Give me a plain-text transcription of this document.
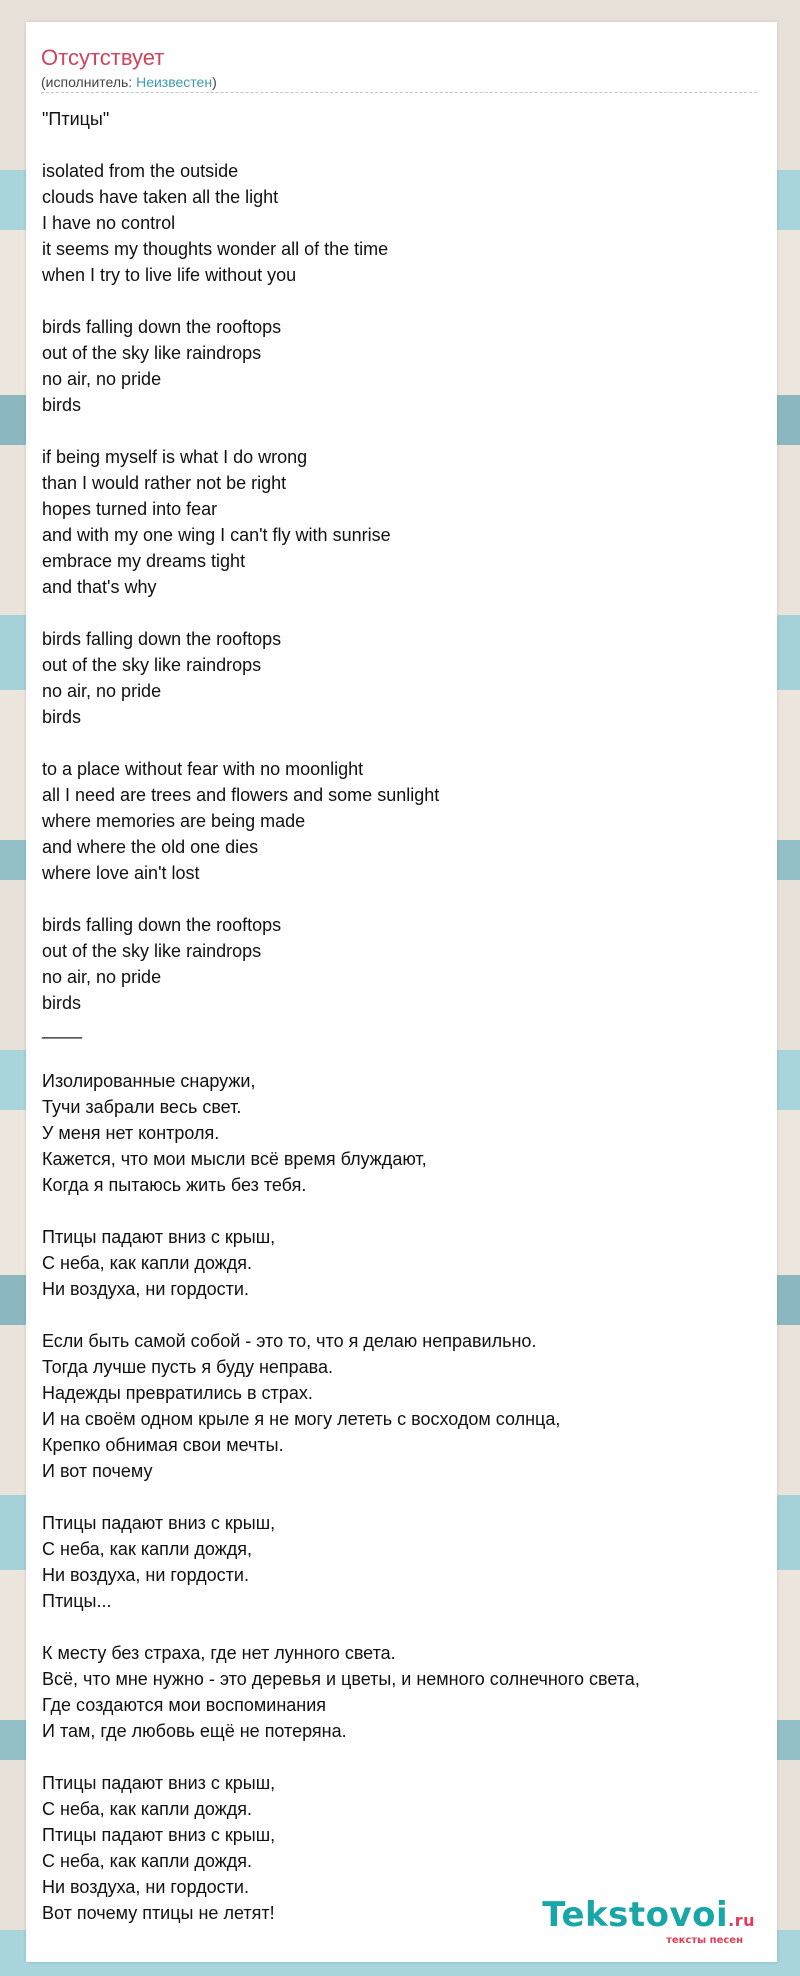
Отсутствует
(исполнитель: Неизвестен)
"Птицы"
isolated from the outside
clouds have taken all the light
I have no control
it seems my thoughts wonder all of the time
when I try to live life without you
birds falling down the rooftops
out of the sky like raindrops
no air, no pride
birds
if being myself is what I do wrong
than I would rather not be right
hopes turned into fear
and with my one wing I can't fly with sunrise
embrace my dreams tight
and that's why
birds falling down the rooftops
out of the sky like raindrops
no air, no pride
birds
to a place without fear with no moonlight
all I need are trees and flowers and some sunlight
where memories are being made
and where the old one dies
where love ain't lost
birds falling down the rooftops
out of the sky like raindrops
no air, no pride
birds
____
Изолированные снаружи,
Тучи забрали весь свет.
У меня нет контроля.
Кажется, что мои мысли всё время блуждают,
Когда я пытаюсь жить без тебя.
Птицы падают вниз с крыш,
С неба, как капли дождя.
Ни воздуха, ни гордости.
Если быть самой собой - это то, что я делаю неправильно.
Тогда лучше пусть я буду неправа.
Надежды превратились в страх.
И на своём одном крыле я не могу лететь с восходом солнца,
Крепко обнимая свои мечты.
И вот почему
Птицы падают вниз с крыш,
С неба, как капли дождя,
Ни воздуха, ни гордости.
Птицы...
К месту без страха, где нет лунного света.
Всё, что мне нужно - это деревья и цветы, и немного солнечного света,
Где создаются мои воспоминания
И там, где любовь ещё не потеряна.
Птицы падают вниз с крыш,
С неба, как капли дождя.
Птицы падают вниз с крыш,
С неба, как капли дождя.
Ни воздуха, ни гордости.
Вот почему птицы не летят!	Tekstovoi.ru
тексты песен
